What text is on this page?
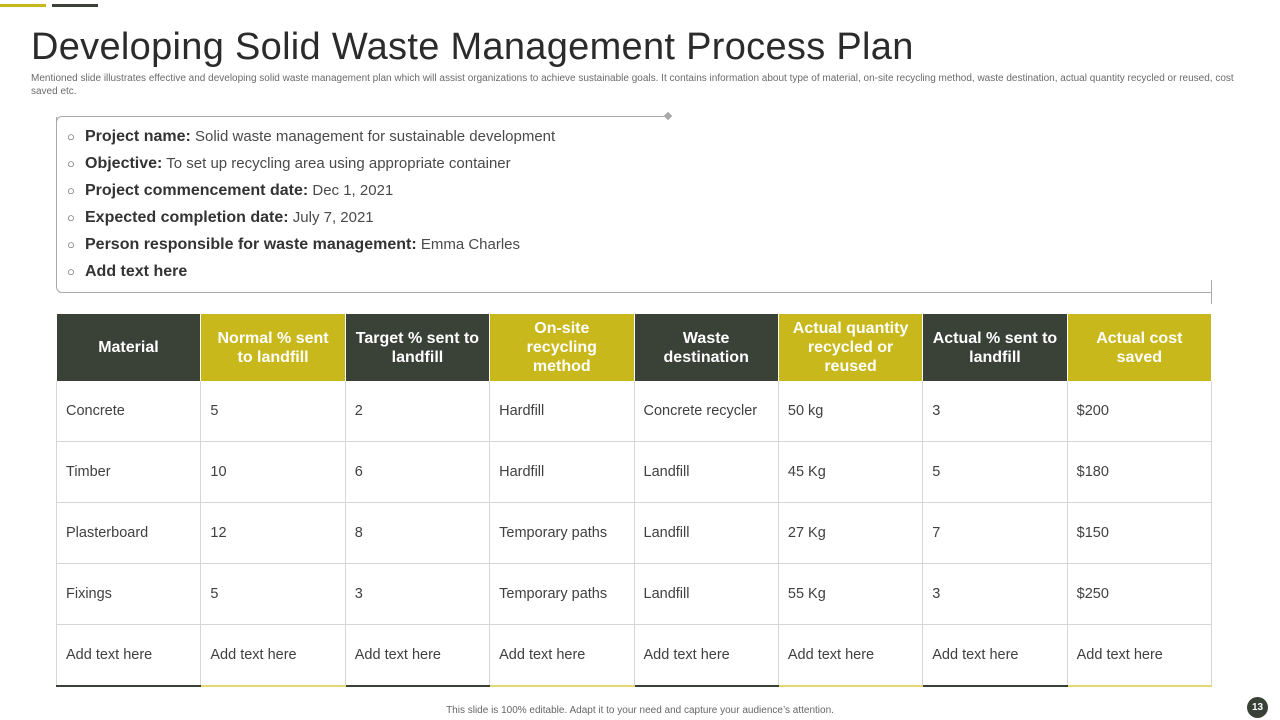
Developing Solid Waste Management Process Plan

Mentioned slide illustrates effective and developing solid waste management plan which will assist organizations to achieve sustainable goals. It contains information about type of material, on-site recycling method, waste destination, actual quantity recycled or reused, cost saved etc.

○ Project name: Solid waste management for sustainable development
○ Objective: To set up recycling area using appropriate container
○ Project commencement date: Dec 1, 2021
○ Expected completion date: July 7, 2021
○ Person responsible for waste management: Emma Charles
○ Add text here
Material	Normal % sent to landfill	Target % sent to landfill	On-site recycling method	Waste destination	Actual quantity recycled or reused	Actual % sent to landfill	Actual cost saved
Concrete	5	2	Hardfill	Concrete recycler	50 kg	3	$200
Timber	10	6	Hardfill	Landfill	45 Kg	5	$180
Plasterboard	12	8	Temporary paths	Landfill	27 Kg	7	$150
Fixings	5	3	Temporary paths	Landfill	55 Kg	3	$250
Add text here	Add text here	Add text here	Add text here	Add text here	Add text here	Add text here	Add text here
This slide is 100% editable. Adapt it to your need and capture your audience’s attention.	13
